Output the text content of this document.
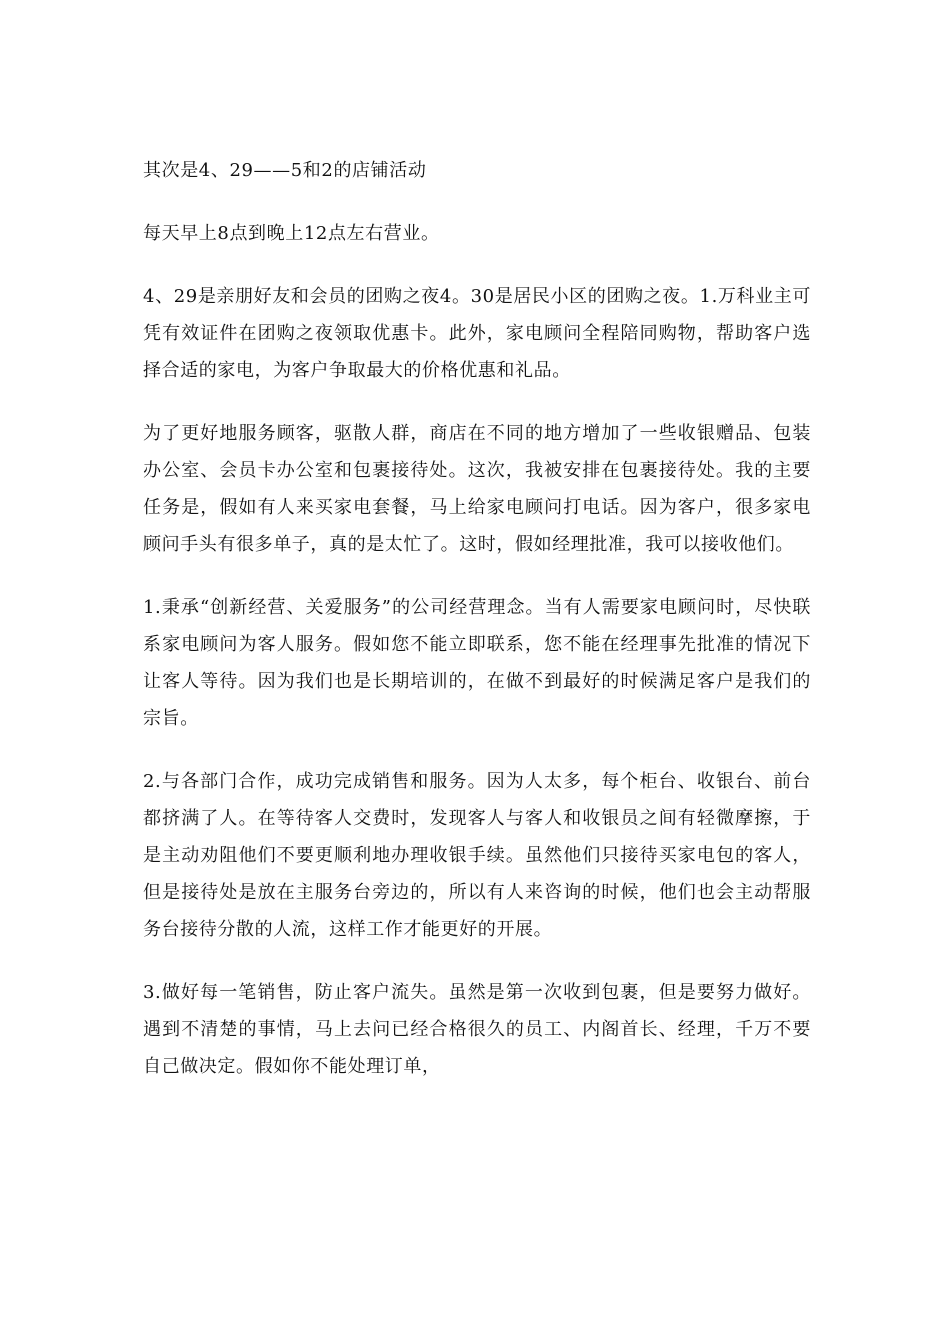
其次是4、29——5和2的店铺活动

每天早上8点到晚上12点左右营业。

4、29是亲朋好友和会员的团购之夜4。30是居民小区的团购之夜。1.万科业主可凭有效证件在团购之夜领取优惠卡。此外，家电顾问全程陪同购物，帮助客户选择合适的家电，为客户争取最大的价格优惠和礼品。

为了更好地服务顾客，驱散人群，商店在不同的地方增加了一些收银赠品、包装办公室、会员卡办公室和包裹接待处。这次，我被安排在包裹接待处。我的主要任务是，假如有人来买家电套餐，马上给家电顾问打电话。因为客户，很多家电顾问手头有很多单子，真的是太忙了。这时，假如经理批准，我可以接收他们。

1.秉承“创新经营、关爱服务”的公司经营理念。当有人需要家电顾问时，尽快联系家电顾问为客人服务。假如您不能立即联系，您不能在经理事先批准的情况下让客人等待。因为我们也是长期培训的，在做不到最好的时候满足客户是我们的宗旨。

2.与各部门合作，成功完成销售和服务。因为人太多，每个柜台、收银台、前台都挤满了人。在等待客人交费时，发现客人与客人和收银员之间有轻微摩擦，于是主动劝阻他们不要更顺利地办理收银手续。虽然他们只接待买家电包的客人，但是接待处是放在主服务台旁边的，所以有人来咨询的时候，他们也会主动帮服务台接待分散的人流，这样工作才能更好的开展。

3.做好每一笔销售，防止客户流失。虽然是第一次收到包裹，但是要努力做好。遇到不清楚的事情，马上去问已经合格很久的员工、内阁首长、经理，千万不要自己做决定。假如你不能处理订单，
